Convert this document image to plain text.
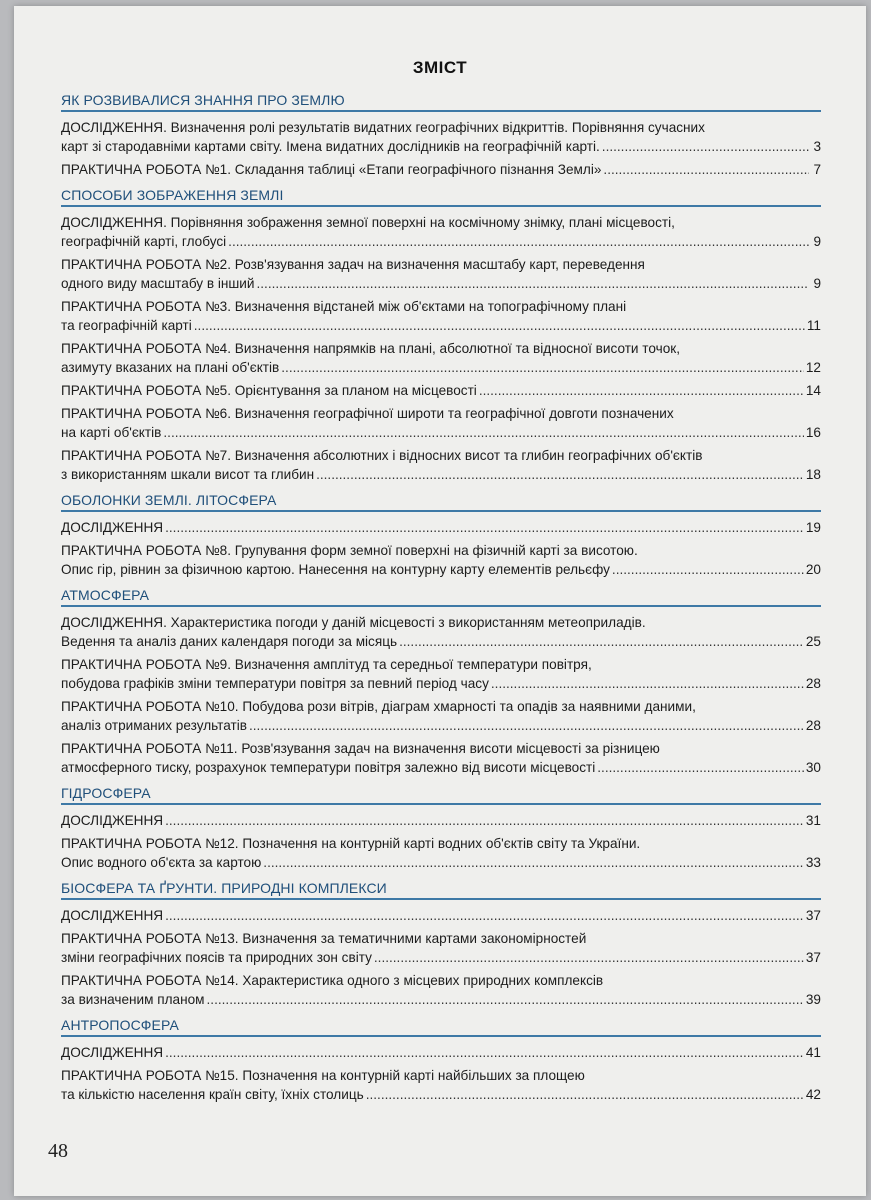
ЗМІСТ
ЯК РОЗВИВАЛИСЯ ЗНАННЯ ПРО ЗЕМЛЮ
ДОСЛІДЖЕННЯ. Визначення ролі результатів видатних географічних відкриттів. Порівняння сучасних
карт зі стародавніми картами світу. Імена видатних дослідників на географічній карті. .....	3
ПРАКТИЧНА РОБОТА №1. Складання таблиці «Етапи географічного пізнання Землі» .....	7
СПОСОБИ ЗОБРАЖЕННЯ ЗЕМЛІ
ДОСЛІДЖЕННЯ. Порівняння зображення земної поверхні на космічному знімку, плані місцевості,
географічній карті, глобусі .....	9
ПРАКТИЧНА РОБОТА №2. Розв'язування задач на визначення масштабу карт, переведення
одного виду масштабу в інший .....	9
ПРАКТИЧНА РОБОТА №3. Визначення відстаней між об'єктами на топографічному плані
та географічній карті .....	11
ПРАКТИЧНА РОБОТА №4. Визначення напрямків на плані, абсолютної та відносної висоти точок,
азимуту вказаних на плані об'єктів .....	12
ПРАКТИЧНА РОБОТА №5. Орієнтування за планом на місцевості .....	14
ПРАКТИЧНА РОБОТА №6. Визначення географічної широти та географічної довготи позначених
на карті об'єктів .....	16
ПРАКТИЧНА РОБОТА №7. Визначення абсолютних і відносних висот та глибин географічних об'єктів
з використанням шкали висот та глибин .....	18
ОБОЛОНКИ ЗЕМЛІ. ЛІТОСФЕРА
ДОСЛІДЖЕННЯ .....	19
ПРАКТИЧНА РОБОТА №8. Групування форм земної поверхні на фізичній карті за висотою.
Опис гір, рівнин за фізичною картою. Нанесення на контурну карту елементів рельєфу .....	20
АТМОСФЕРА
ДОСЛІДЖЕННЯ. Характеристика погоди у даній місцевості з використанням метеоприладів.
Ведення та аналіз даних календаря погоди за місяць .....	25
ПРАКТИЧНА РОБОТА №9. Визначення амплітуд та середньої температури повітря,
побудова графіків зміни температури повітря за певний період часу .....	28
ПРАКТИЧНА РОБОТА №10. Побудова рози вітрів, діаграм хмарності та опадів за наявними даними,
аналіз отриманих результатів .....	28
ПРАКТИЧНА РОБОТА №11. Розв'язування задач на визначення висоти місцевості за різницею
атмосферного тиску, розрахунок температури повітря залежно від висоти місцевості .....	30
ГІДРОСФЕРА
ДОСЛІДЖЕННЯ .....	31
ПРАКТИЧНА РОБОТА №12. Позначення на контурній карті водних об'єктів світу та України.
Опис водного об'єкта за картою .....	33
БІОСФЕРА ТА ҐРУНТИ. ПРИРОДНІ КОМПЛЕКСИ
ДОСЛІДЖЕННЯ .....	37
ПРАКТИЧНА РОБОТА №13. Визначення за тематичними картами закономірностей
зміни географічних поясів та природних зон світу .....	37
ПРАКТИЧНА РОБОТА №14. Характеристика одного з місцевих природних комплексів
за визначеним планом .....	39
АНТРОПОСФЕРА
ДОСЛІДЖЕННЯ .....	41
ПРАКТИЧНА РОБОТА №15. Позначення на контурній карті найбільших за площею
та кількістю населення країн світу, їхніх столиць .....	42
48
